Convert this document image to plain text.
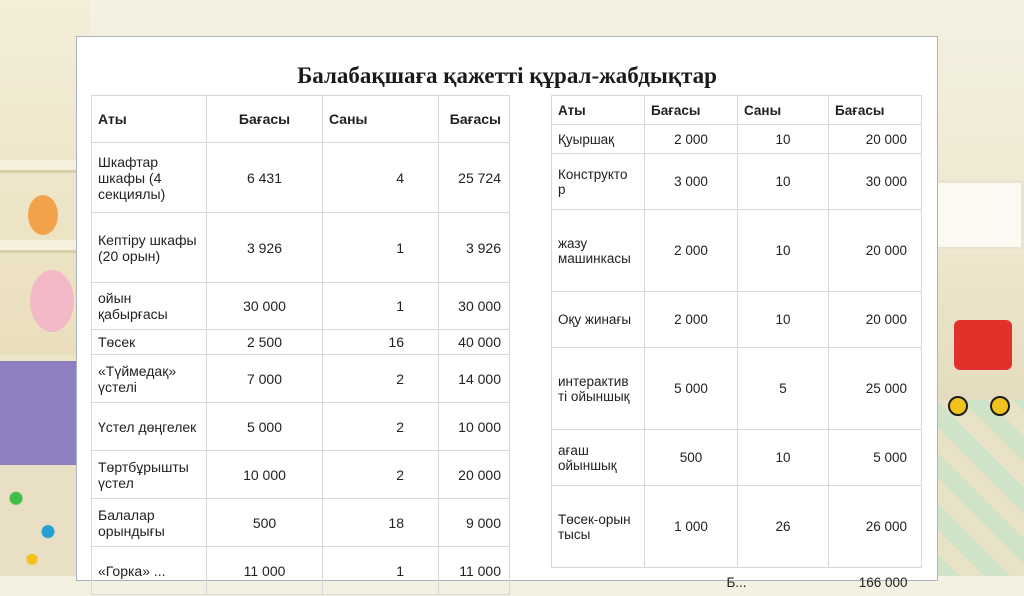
Балабақшаға қажетті құрал-жабдықтар
Аты	Бағасы	Саны	Бағасы
Шкафтар шкафы (4 секциялы)	6 431	4	25 724
Кептіру шкафы (20 орын)	3 926	1	3 926
ойын қабырғасы	30 000	1	30 000
Төсек	2 500	16	40 000
«Түймедақ» үстелі	7 000	2	14 000
Үстел дөңгелек	5 000	2	10 000
Төртбұрышты үстел	10 000	2	20 000
Балалар орындығы	500	18	9 000
«Горка» ...	11 000	1	11 000
Аты	Бағасы	Саны	Бағасы
Қуыршақ	2 000	10	20 000
Конструкто р	3 000	10	30 000
жазу машинкасы	2 000	10	20 000
Оқу жинағы	2 000	10	20 000
интерактив ті ойыншық	5 000	5	25 000
ағаш ойыншық	500	10	5 000
Төсек-орын тысы	1 000	26	26 000
	Б...		166 000
